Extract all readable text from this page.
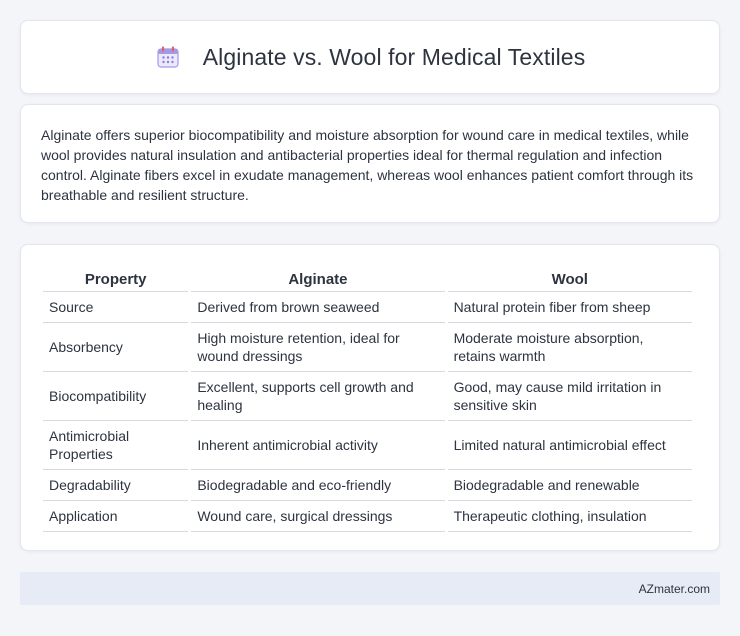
Alginate vs. Wool for Medical Textiles

Alginate offers superior biocompatibility and moisture absorption for wound care in medical textiles, while wool provides natural insulation and antibacterial properties ideal for thermal regulation and infection control. Alginate fibers excel in exudate management, whereas wool enhances patient comfort through its breathable and resilient structure.

Property	Alginate	Wool
Source	Derived from brown seaweed	Natural protein fiber from sheep
Absorbency	High moisture retention, ideal for wound dressings	Moderate moisture absorption, retains warmth
Biocompatibility	Excellent, supports cell growth and healing	Good, may cause mild irritation in sensitive skin
Antimicrobial Properties	Inherent antimicrobial activity	Limited natural antimicrobial effect
Degradability	Biodegradable and eco-friendly	Biodegradable and renewable
Application	Wound care, surgical dressings	Therapeutic clothing, insulation
AZmater.com
